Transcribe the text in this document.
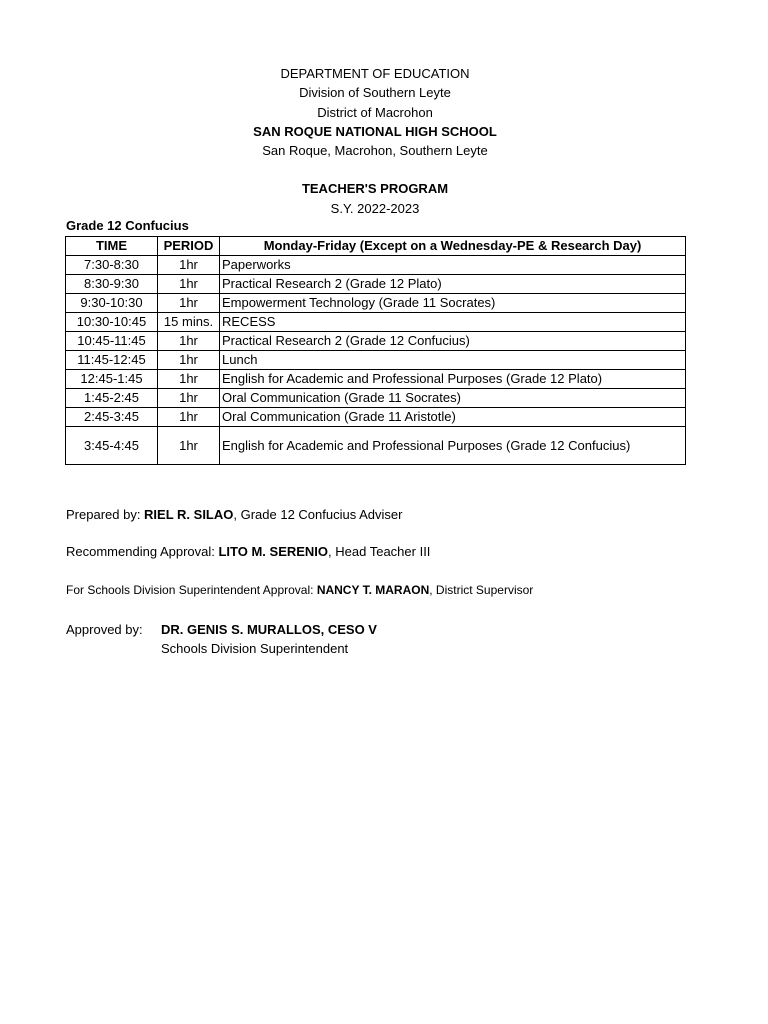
DEPARTMENT OF EDUCATION
Division of Southern Leyte
District of Macrohon
SAN ROQUE NATIONAL HIGH SCHOOL
San Roque, Macrohon, Southern Leyte
TEACHER'S PROGRAM
S.Y. 2022-2023
Grade 12 Confucius
TIME	PERIOD	Monday-Friday (Except on a Wednesday-PE & Research Day)
7:30-8:30	1hr	Paperworks
8:30-9:30	1hr	Practical Research 2 (Grade 12 Plato)
9:30-10:30	1hr	Empowerment Technology (Grade 11 Socrates)
10:30-10:45	15 mins.	RECESS
10:45-11:45	1hr	Practical Research 2 (Grade 12 Confucius)
11:45-12:45	1hr	Lunch
12:45-1:45	1hr	English for Academic and Professional Purposes (Grade 12 Plato)
1:45-2:45	1hr	Oral Communication (Grade 11 Socrates)
2:45-3:45	1hr	Oral Communication (Grade 11 Aristotle)
3:45-4:45	1hr	English for Academic and Professional Purposes (Grade 12 Confucius)
Prepared by: RIEL R. SILAO, Grade 12 Confucius Adviser
Recommending Approval: LITO M. SERENIO, Head Teacher III
For Schools Division Superintendent Approval: NANCY T. MARAON, District Supervisor
Approved by: DR. GENIS S. MURALLOS, CESO V
Schools Division Superintendent
